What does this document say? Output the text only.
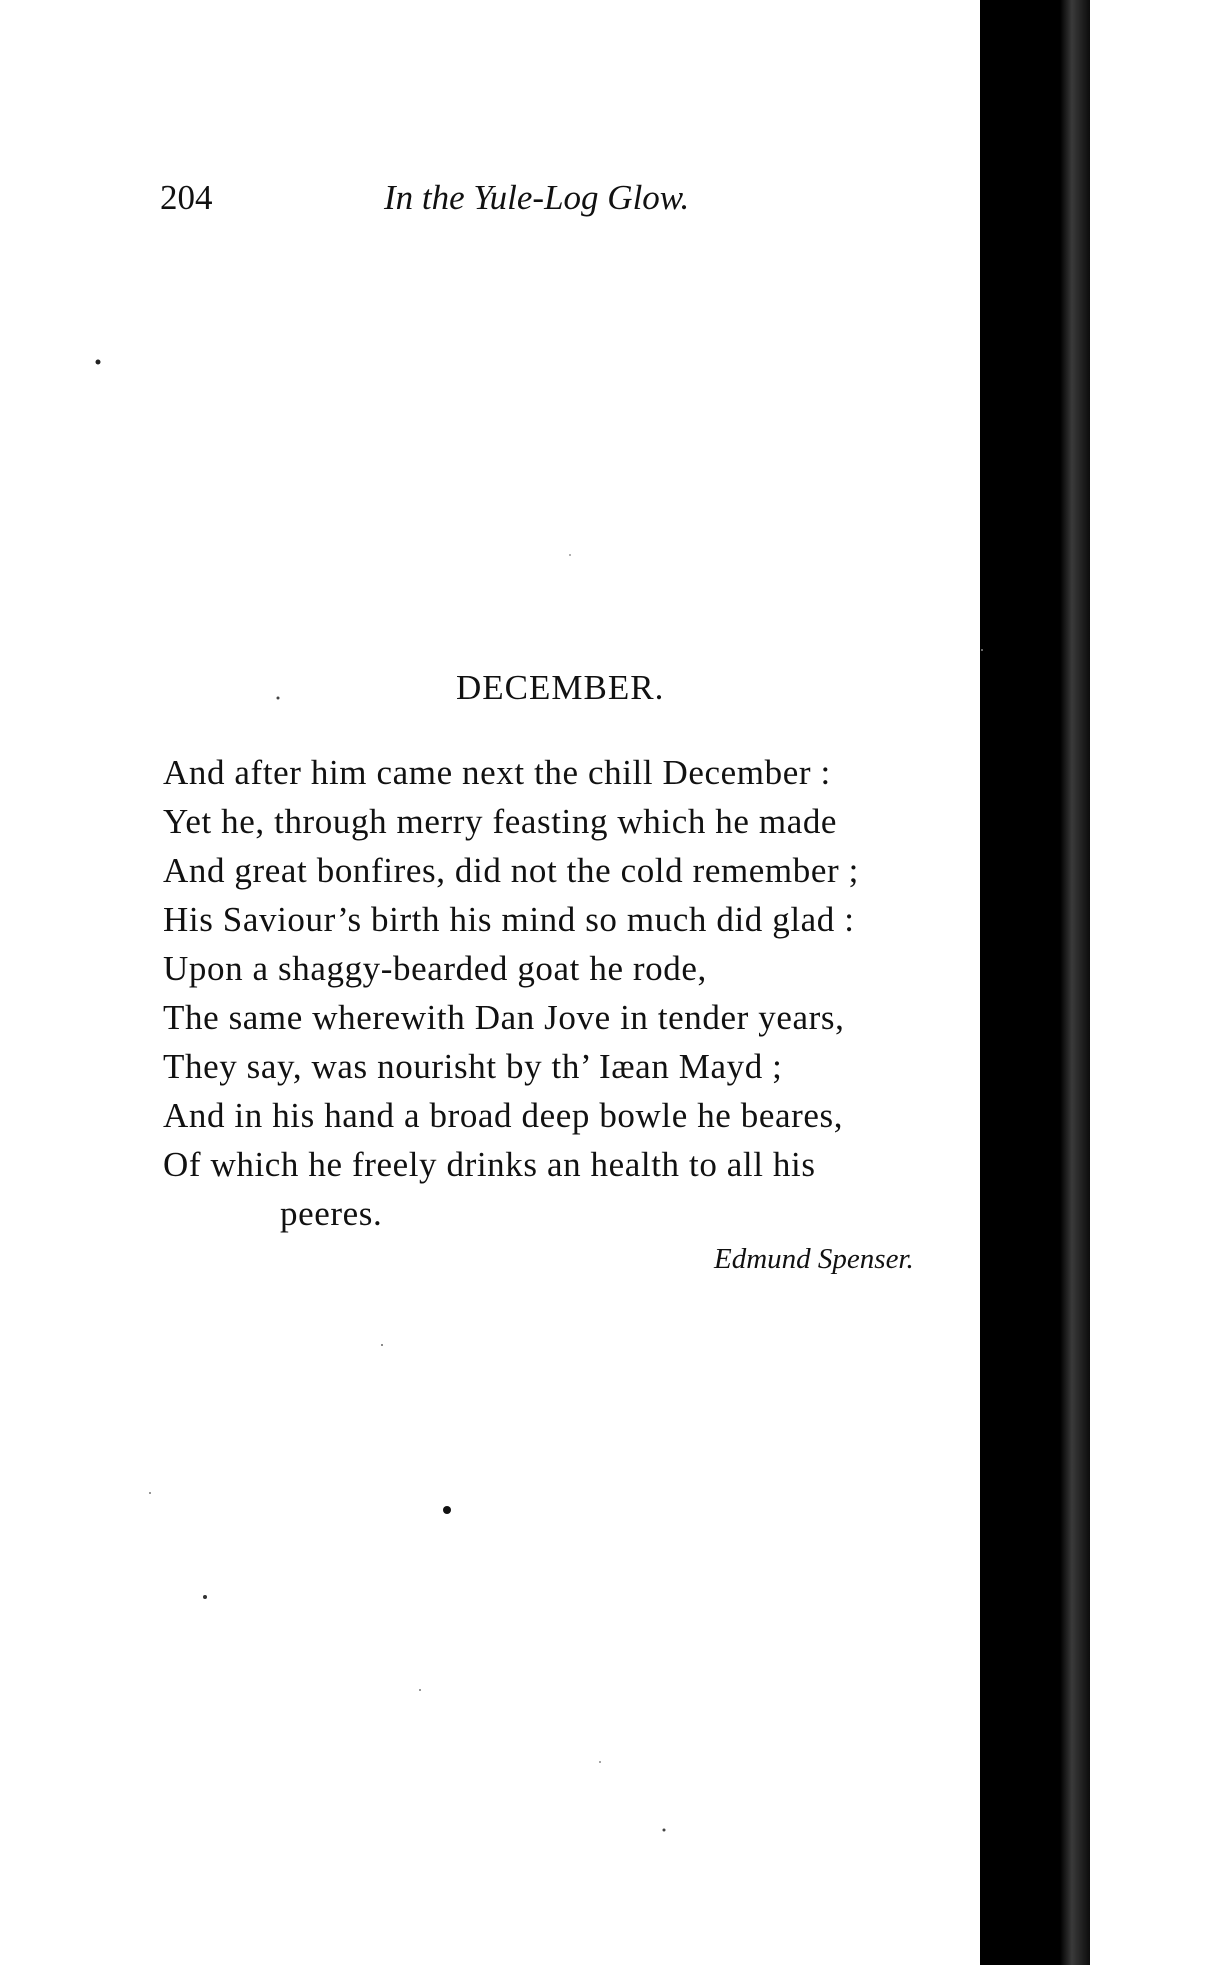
204	In the Yule-Log Glow.
DECEMBER.
And after him came next the chill December :
Yet he, through merry feasting which he made
And great bonfires, did not the cold remember ;
His Saviour’s birth his mind so much did glad :
Upon a shaggy-bearded goat he rode,
The same wherewith Dan Jove in tender years,
They say, was nourisht by th’ Iæan Mayd ;
And in his hand a broad deep bowle he beares,
Of which he freely drinks an health to all his
peeres.
Edmund Spenser.
